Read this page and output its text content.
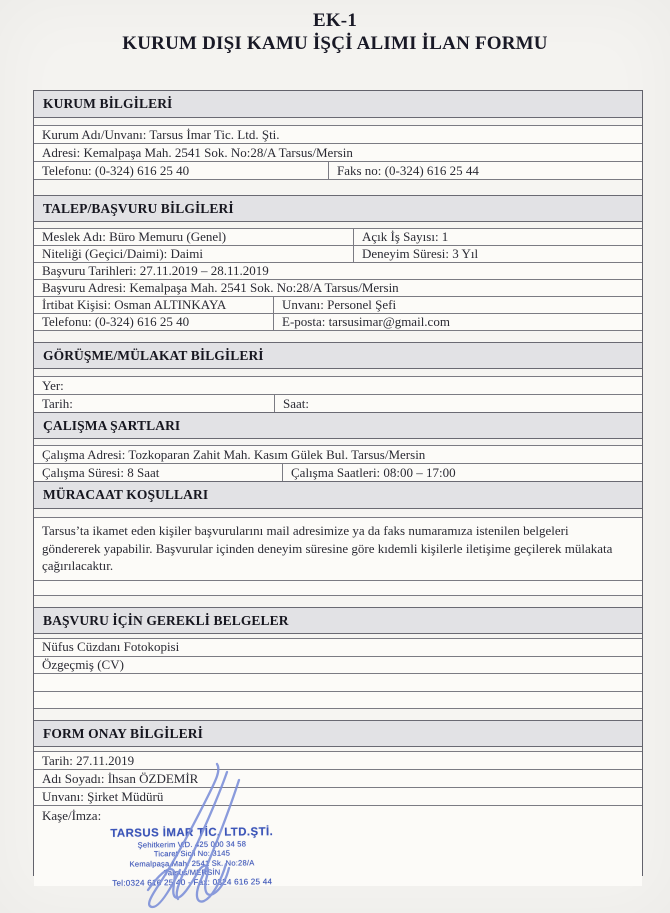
EK-1
KURUM DIŞI KAMU İŞÇİ ALIMI İLAN FORMU
KURUM BİLGİLERİ
Kurum Adı/Unvanı: Tarsus İmar Tic. Ltd. Şti.
Adresi: Kemalpaşa Mah. 2541 Sok. No:28/A Tarsus/Mersin
Telefonu: (0-324) 616 25 40	Faks no: (0-324) 616 25 44
TALEP/BAŞVURU BİLGİLERİ
Meslek Adı: Büro Memuru (Genel)	Açık İş Sayısı: 1
Niteliği (Geçici/Daimi): Daimi	Deneyim Süresi: 3 Yıl
Başvuru Tarihleri: 27.11.2019 – 28.11.2019
Başvuru Adresi: Kemalpaşa Mah. 2541 Sok. No:28/A Tarsus/Mersin
İrtibat Kişisi: Osman ALTINKAYA	Unvanı: Personel Şefi
Telefonu: (0-324) 616 25 40	E-posta: tarsusimar@gmail.com
GÖRÜŞME/MÜLAKAT BİLGİLERİ
Yer:
Tarih:	Saat:
ÇALIŞMA ŞARTLARI
Çalışma Adresi: Tozkoparan Zahit Mah. Kasım Gülek Bul. Tarsus/Mersin
Çalışma Süresi: 8 Saat	Çalışma Saatleri: 08:00 – 17:00
MÜRACAAT KOŞULLARI
Tarsus’ta ikamet eden kişiler başvurularını mail adresimize ya da faks numaramıza istenilen belgeleri göndererek yapabilir. Başvurular içinden deneyim süresine göre kıdemli kişilerle iletişime geçilerek mülakata çağırılacaktır.
BAŞVURU İÇİN GEREKLİ BELGELER
Nüfus Cüzdanı Fotokopisi
Özgeçmiş (CV)
FORM ONAY BİLGİLERİ
Tarih: 27.11.2019
Adı Soyadı: İhsan ÖZDEMİR
Unvanı: Şirket Müdürü
Kaşe/İmza:
TARSUS İMAR TİC. LTD.ŞTİ.
Şehitkerim V.D. 425 000 34 58
Ticaret Sicil No: 3145
Kemalpaşa Mah. 2541 Sk. No:28/A
Tarsus/MERSİN
Tel:0324 616 25 40 - Fax: 0324 616 25 44
